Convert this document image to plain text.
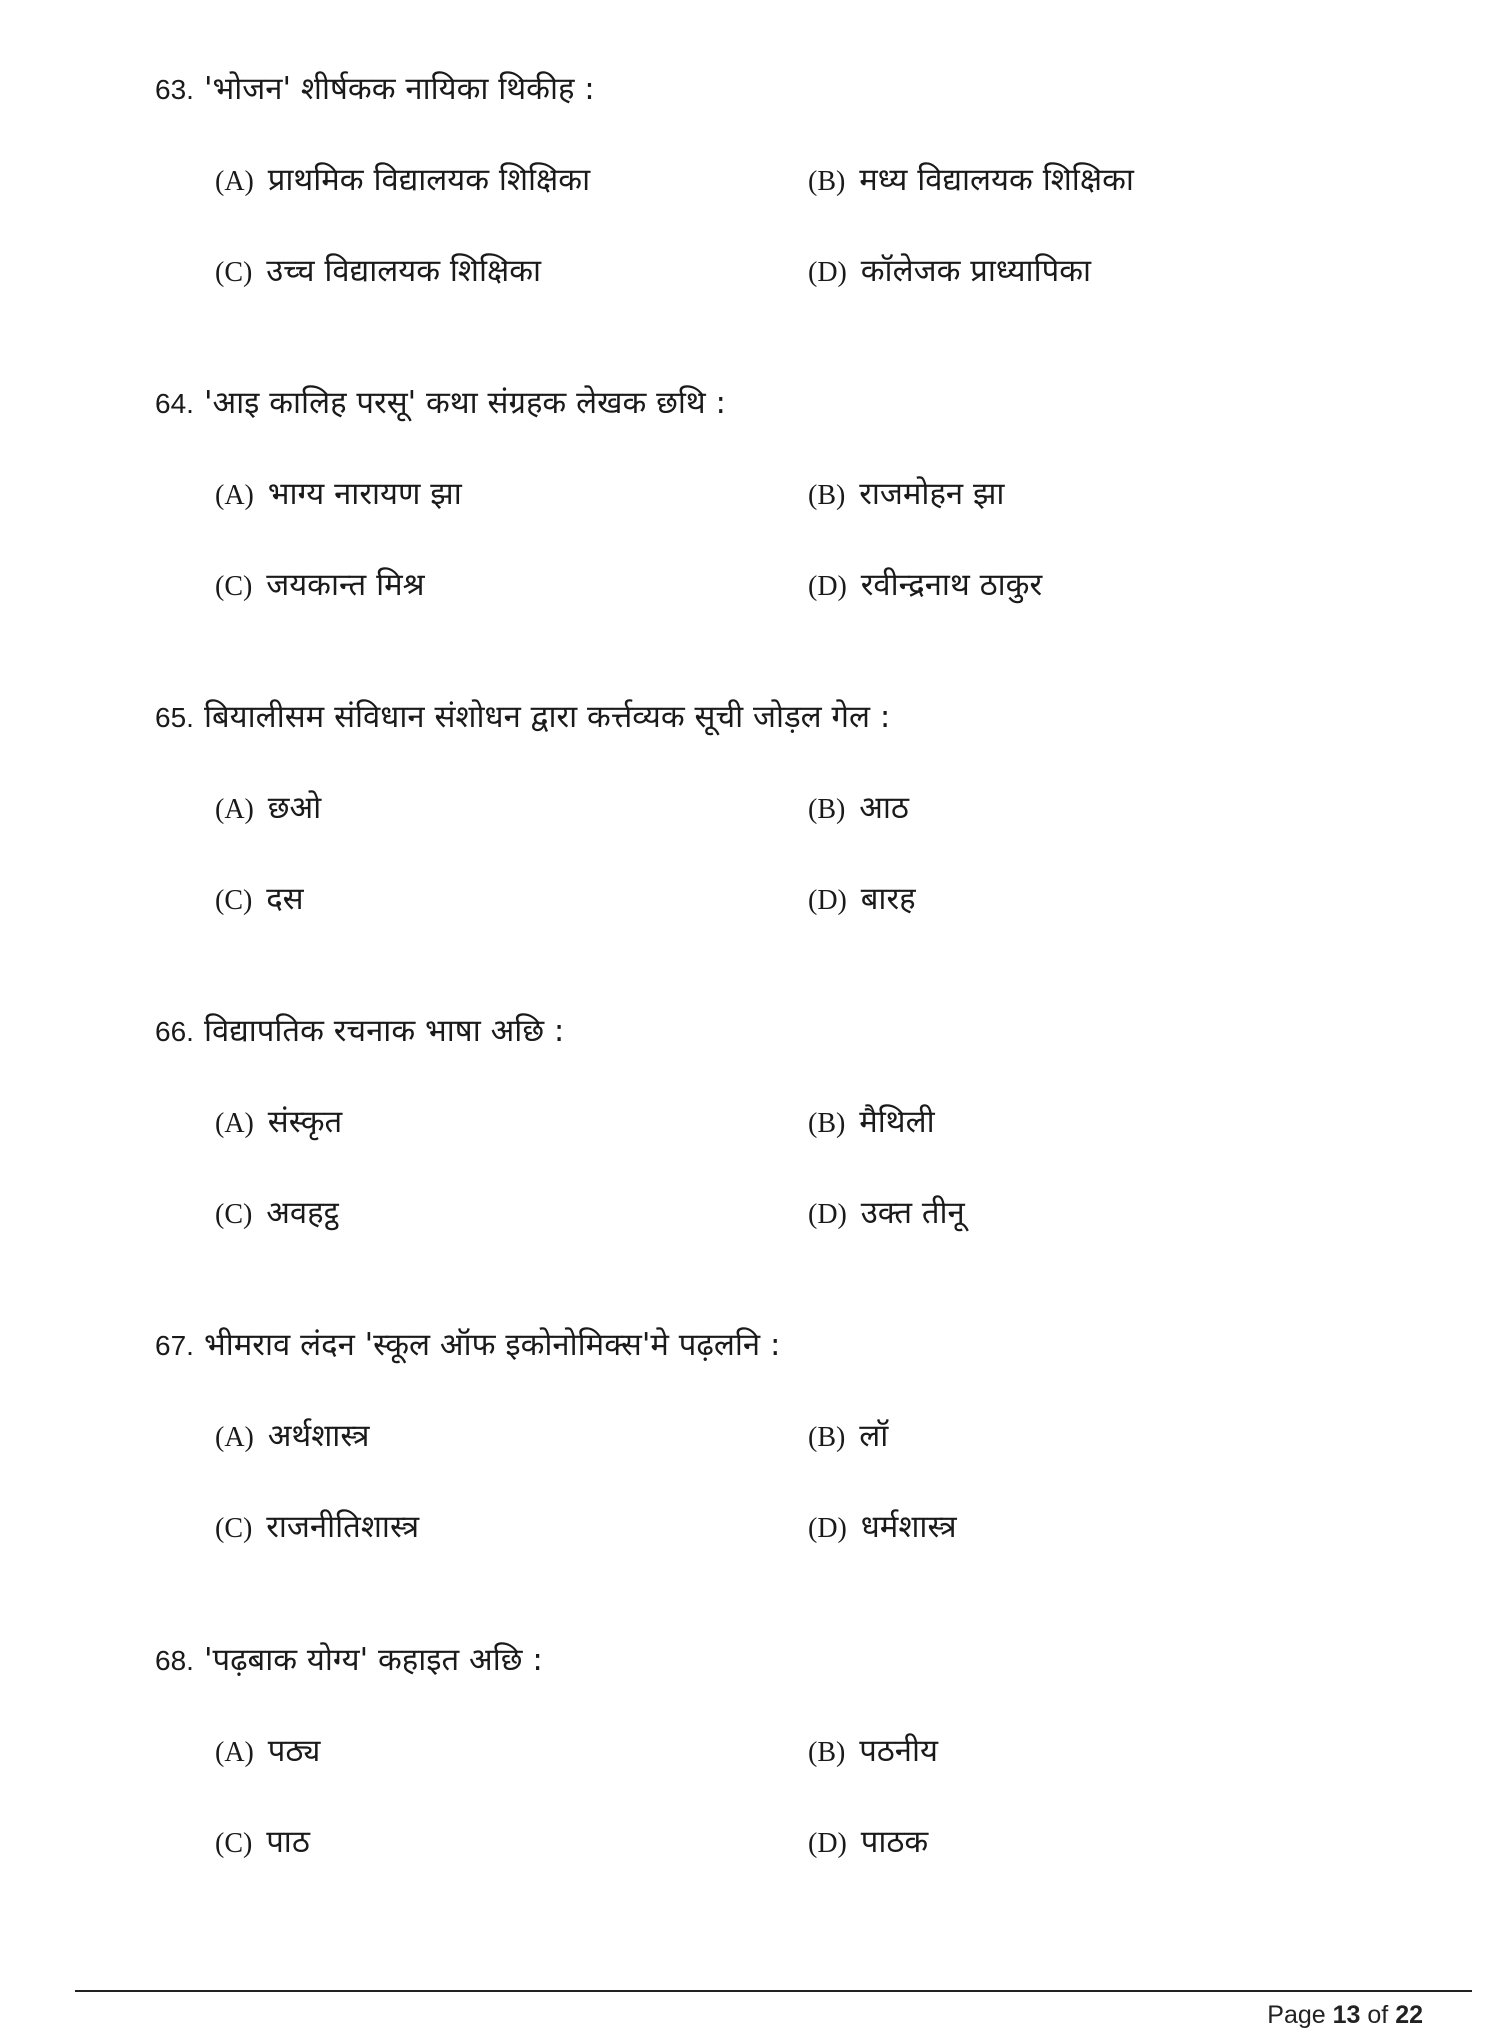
63. 'भोजन' शीर्षकक नायिका थिकीह :
(A) प्राथमिक विद्यालयक शिक्षिका	(B) मध्य विद्यालयक शिक्षिका
(C) उच्च विद्यालयक शिक्षिका	(D) कॉलेजक प्राध्यापिका
64. 'आइ कालिह परसू' कथा संग्रहक लेखक छथि :
(A) भाग्य नारायण झा	(B) राजमोहन झा
(C) जयकान्त मिश्र	(D) रवीन्द्रनाथ ठाकुर
65. बियालीसम संविधान संशोधन द्वारा कर्त्तव्यक सूची जोड़ल गेल :
(A) छओ	(B) आठ
(C) दस	(D) बारह
66. विद्यापतिक रचनाक भाषा अछि :
(A) संस्कृत	(B) मैथिली
(C) अवहट्ठ	(D) उक्त तीनू
67. भीमराव लंदन 'स्कूल ऑफ इकोनोमिक्स'मे पढ़लनि :
(A) अर्थशास्त्र	(B) लॉ
(C) राजनीतिशास्त्र	(D) धर्मशास्त्र
68. 'पढ़बाक योग्य' कहाइत अछि :
(A) पठ्य	(B) पठनीय
(C) पाठ	(D) पाठक
Page 13 of 22
